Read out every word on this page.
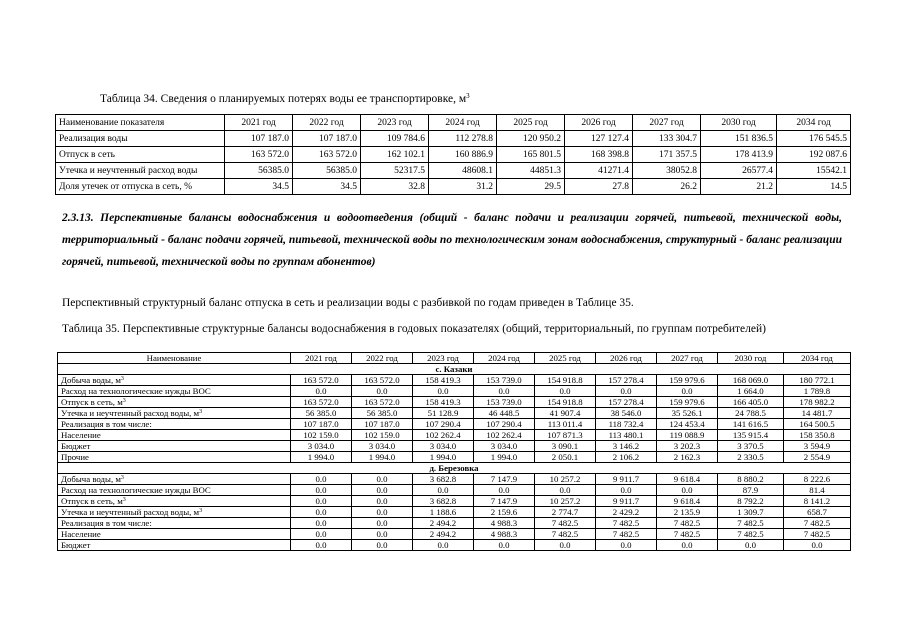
Таблица 34. Сведения о планируемых потерях воды ее транспортировке, $м^3$
Наименование показателя	2021 год	2022 год	2023 год	2024 год	2025 год	2026 год	2027 год	2030 год	2034 год
Реализация воды	107 187.0	107 187.0	109 784.6	112 278.8	120 950.2	127 127.4	133 304.7	151 836.5	176 545.5
Отпуск в сеть	163 572.0	163 572.0	162 102.1	160 886.9	165 801.5	168 398.8	171 357.5	178 413.9	192 087.6
Утечка и неучтенный расход воды	56385.0	56385.0	52317.5	48608.1	44851.3	41271.4	38052.8	26577.4	15542.1
Доля утечек от отпуска в сеть, %	34.5	34.5	32.8	31.2	29.5	27.8	26.2	21.2	14.5
2.3.13. Перспективные балансы водоснабжения и водоотведения (общий - баланс подачи и реализации горячей, питьевой, технической воды, территориальный - баланс подачи горячей, питьевой, технической воды по технологическим зонам водоснабжения, структурный - баланс реализации горячей, питьевой, технической воды по группам абонентов)
Перспективный структурный баланс отпуска в сеть и реализации воды с разбивкой по годам приведен в Таблице 35.
Таблица 35. Перспективные структурные балансы водоснабжения в годовых показателях (общий, территориальный, по группам потребителей)
Наименование	2021 год	2022 год	2023 год	2024 год	2025 год	2026 год	2027 год	2030 год	2034 год
с. Казаки									
Добыча воды, $м^3$	163 572.0	163 572.0	158 419.3	153 739.0	154 918.8	157 278.4	159 979.6	168 069.0	180 772.1
Расход на технологические нужды ВОС	0.0	0.0	0.0	0.0	0.0	0.0	0.0	1 664.0	1 789.8
Отпуск в сеть, $м^3$	163 572.0	163 572.0	158 419.3	153 739.0	154 918.8	157 278.4	159 979.6	166 405.0	178 982.2
Утечка и неучтенный расход воды, $м^3$	56 385.0	56 385.0	51 128.9	46 448.5	41 907.4	38 546.0	35 526.1	24 788.5	14 481.7
Реализация в том числе:	107 187.0	107 187.0	107 290.4	107 290.4	113 011.4	118 732.4	124 453.4	141 616.5	164 500.5
Население	102 159.0	102 159.0	102 262.4	102 262.4	107 871.3	113 480.1	119 088.9	135 915.4	158 350.8
Бюджет	3 034.0	3 034.0	3 034.0	3 034.0	3 090.1	3 146.2	3 202.3	3 370.5	3 594.9
Прочие	1 994.0	1 994.0	1 994.0	1 994.0	2 050.1	2 106.2	2 162.3	2 330.5	2 554.9
д. Березовка									
Добыча воды, $м^3$	0.0	0.0	3 682.8	7 147.9	10 257.2	9 911.7	9 618.4	8 880.2	8 222.6
Расход на технологические нужды ВОС	0.0	0.0	0.0	0.0	0.0	0.0	0.0	87.9	81.4
Отпуск в сеть, $м^3$	0.0	0.0	3 682.8	7 147.9	10 257.2	9 911.7	9 618.4	8 792.2	8 141.2
Утечка и неучтенный расход воды, $м^3$	0.0	0.0	1 188.6	2 159.6	2 774.7	2 429.2	2 135.9	1 309.7	658.7
Реализация в том числе:	0.0	0.0	2 494.2	4 988.3	7 482.5	7 482.5	7 482.5	7 482.5	7 482.5
Население	0.0	0.0	2 494.2	4 988.3	7 482.5	7 482.5	7 482.5	7 482.5	7 482.5
Бюджет	0.0	0.0	0.0	0.0	0.0	0.0	0.0	0.0	0.0
